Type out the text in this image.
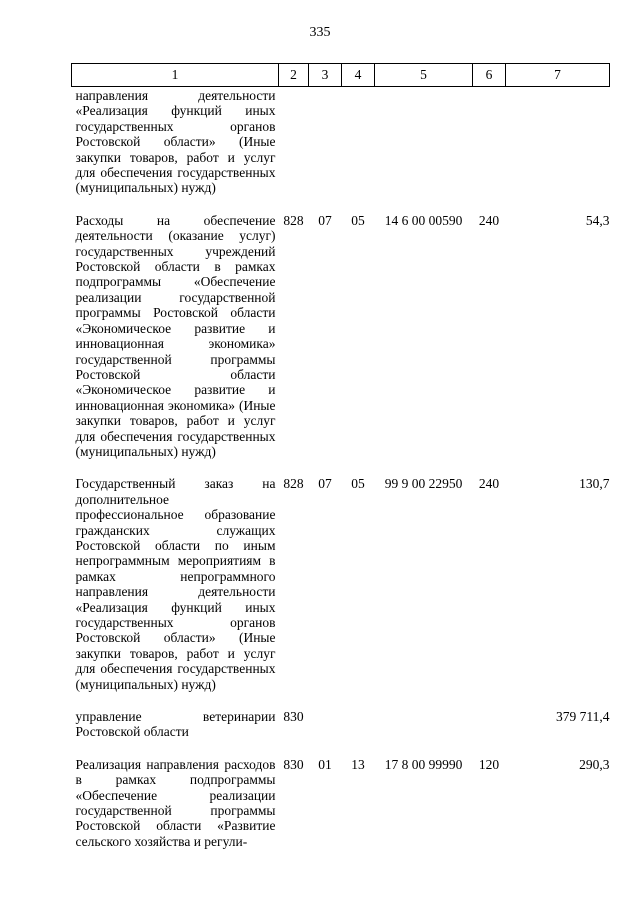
335
1	2	3	4	5	6	7
направления деятельности «Реализация функций иных государственных органов Ростовской области» (Иные закупки товаров, работ и услуг для обеспечения государственных (муниципальных) нужд)						
Расходы на обеспечение деятельности (оказание услуг) государственных учреждений Ростовской области в рамках подпрограммы «Обеспечение реализации государственной программы Ростовской области «Экономическое развитие и инновационная экономика» государственной программы Ростовской области «Экономическое развитие и инновационная экономика» (Иные закупки товаров, работ и услуг для обеспечения государственных (муниципальных) нужд)	828	07	05	14 6 00 00590	240	54,3
Государственный заказ на дополнительное профессиональное образование гражданских служащих Ростовской области по иным непрограммным мероприятиям в рамках непрограммного направления деятельности «Реализация функций иных государственных органов Ростовской области» (Иные закупки товаров, работ и услуг для обеспечения государственных (муниципальных) нужд)	828	07	05	99 9 00 22950	240	130,7
управление ветеринарии Ростовской области	830					379 711,4
Реализация направления расходов в рамках подпрограммы «Обеспечение реализации государственной программы Ростовской области «Развитие сельского хозяйства и регули-	830	01	13	17 8 00 99990	120	290,3
